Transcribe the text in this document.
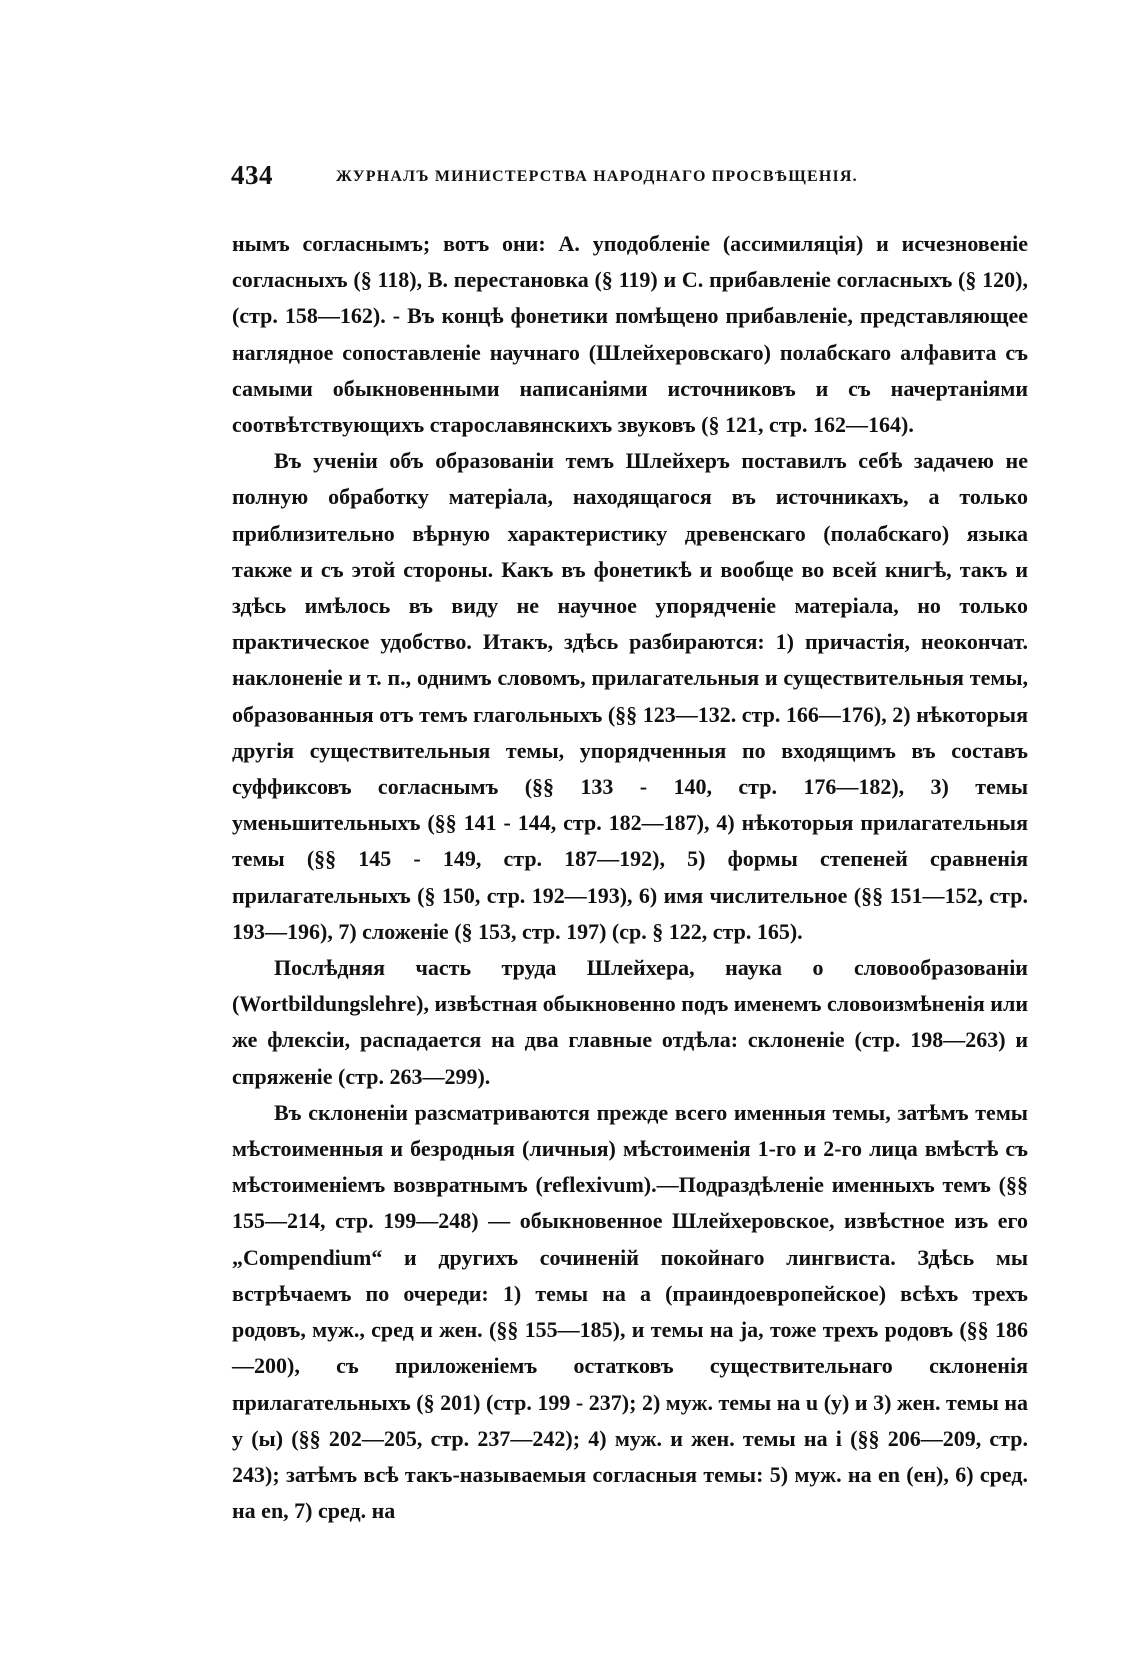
434	ЖУРНАЛЪ МИНИСТЕРСТВА НАРОДНАГО ПРОСВѢЩЕНІЯ.

нымъ согласнымъ; вотъ они: А. уподобленіе (ассимиляція) и исчезновеніе согласныхъ (§ 118), В. перестановка (§ 119) и С. прибавленіе согласныхъ (§ 120), (стр. 158—162). - Въ концѣ фонетики помѣщено прибавленіе, представляющее наглядное сопоставленіе научнаго (Шлейхеровскаго) полабскаго алфавита съ самыми обыкновенными написаніями источниковъ и съ начертаніями соотвѣтствующихъ старославянскихъ звуковъ (§ 121, стр. 162—164).

Въ ученіи объ образованіи темъ Шлейхеръ поставилъ себѣ задачею не полную обработку матеріала, находящагося въ источникахъ, а только приблизительно вѣрную характеристику древенскаго (полабскаго) языка также и съ этой стороны. Какъ въ фонетикѣ и вообще во всей книгѣ, такъ и здѣсь имѣлось въ виду не научное упорядченіе матеріала, но только практическое удобство. Итакъ, здѣсь разбираются: 1) причастія, неокончат. наклоненіе и т. п., однимъ словомъ, прилагательныя и существительныя темы, образованныя отъ темъ глагольныхъ (§§ 123—132. стр. 166—176), 2) нѣкоторыя другія существительныя темы, упорядченныя по входящимъ въ составъ суффиксовъ согласнымъ (§§ 133 - 140, стр. 176—182), 3) темы уменьшительныхъ (§§ 141 - 144, стр. 182—187), 4) нѣкоторыя прилагательныя темы (§§ 145 - 149, стр. 187—192), 5) формы степеней сравненія прилагательныхъ (§ 150, стр. 192—193), 6) имя числительное (§§ 151—152, стр. 193—196), 7) сложеніе (§ 153, стр. 197) (ср. § 122, стр. 165).

Послѣдняя часть труда Шлейхера, наука о словообразованіи (Wortbildungslehre), извѣстная обыкновенно подъ именемъ словоизмѣненія или же флексіи, распадается на два главные отдѣла: склоненіе (стр. 198—263) и спряженіе (стр. 263—299).

Въ склоненіи разсматриваются прежде всего именныя темы, затѣмъ темы мѣстоименныя и безродныя (личныя) мѣстоименія 1-го и 2-го лица вмѣстѣ съ мѣстоименіемъ возвратнымъ (reflexivum).—Подраздѣленіе именныхъ темъ (§§ 155—214, стр. 199—248) — обыкновенное Шлейхеровское, извѣстное изъ его „Compendium“ и другихъ сочиненій покойнаго лингвиста. Здѣсь мы встрѣчаемъ по очереди: 1) темы на a (праиндоевропейское) всѣхъ трехъ родовъ, муж., сред и жен. (§§ 155—185), и темы на ja, тоже трехъ родовъ (§§ 186—200), съ приложеніемъ остатковъ существительнаго склоненія прилагательныхъ (§ 201) (стр. 199 - 237); 2) муж. темы на u (у) и 3) жен. темы на y (ы) (§§ 202—205, стр. 237—242); 4) муж. и жен. темы на i (§§ 206—209, стр. 243); затѣмъ всѣ такъ-называемыя согласныя темы: 5) муж. на en (ен), 6) сред. на en, 7) сред. на
